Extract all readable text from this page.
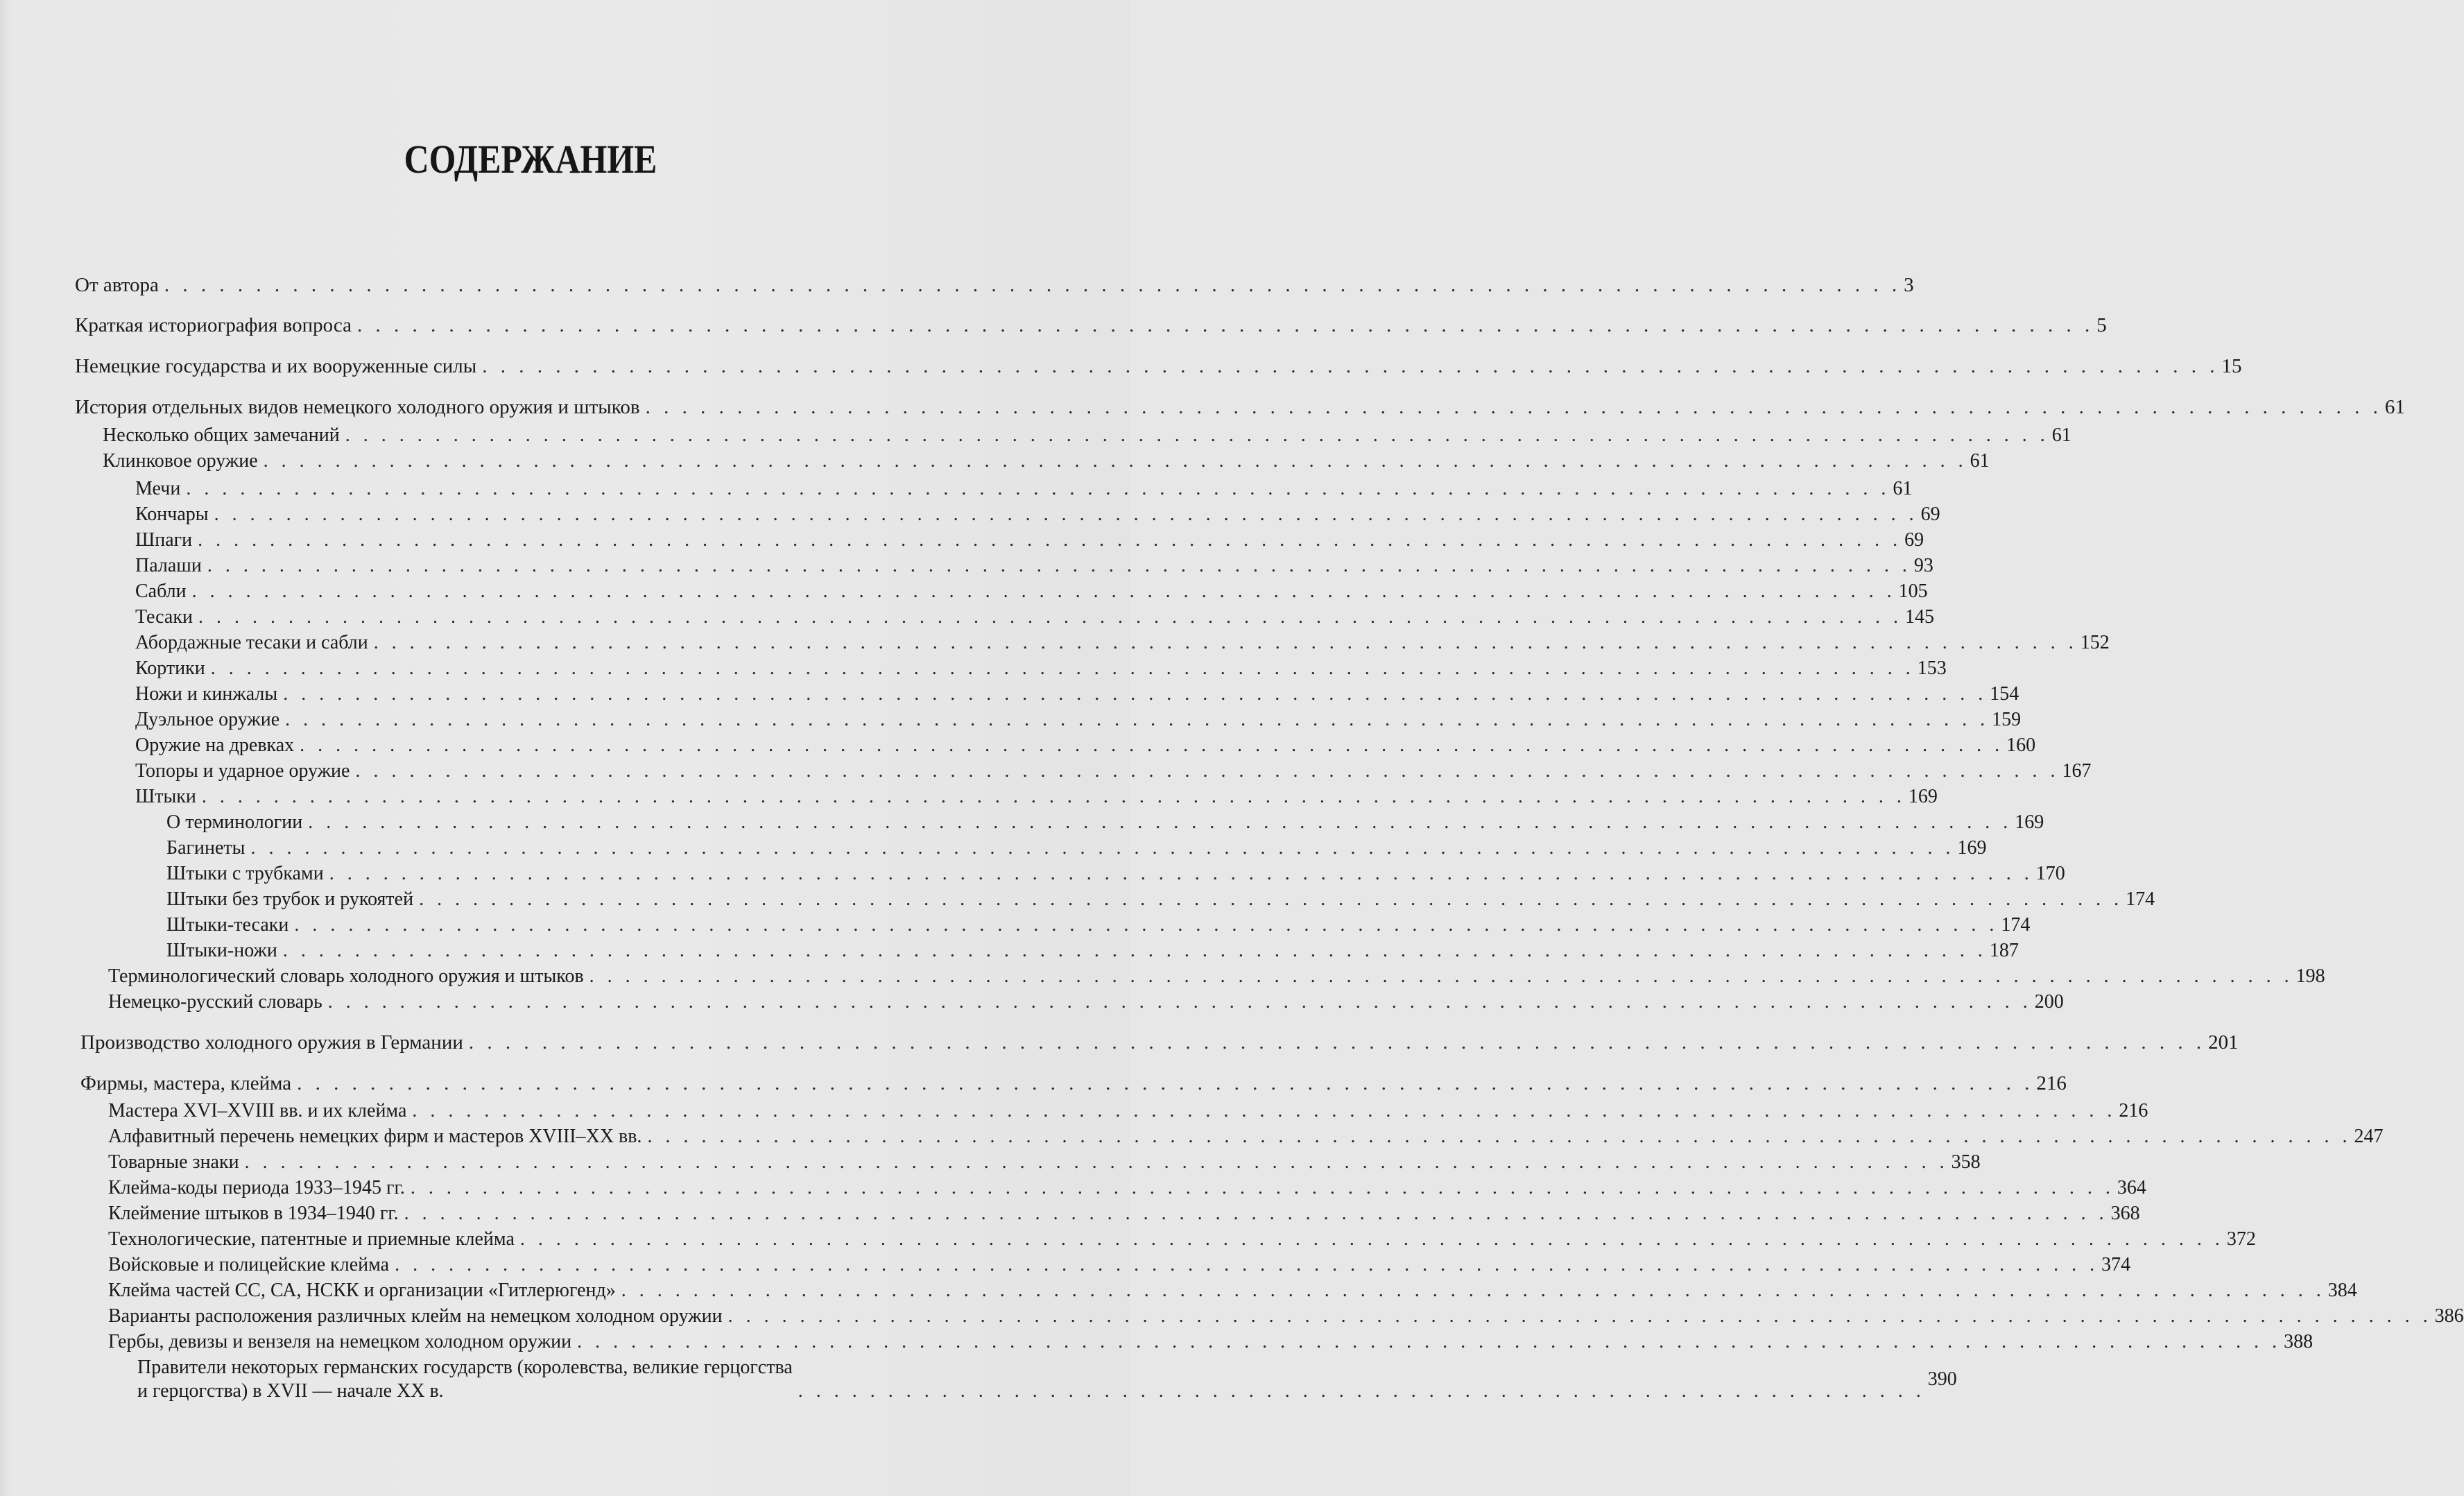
СОДЕРЖАНИЕ
От автора . . . . . . . . . . . . . . . . . . . . . . . . . . . . . . . . . . . . . . . . . . . . . . . . . . . . . . . . . . . . . . . . . . . . . . . . . . . . . . . . . . . . . . . . . . . . . . . 3
Краткая историография вопроса . . . . . . . . . . . . . . . . . . . . . . . . . . . . . . . . . . . . . . . . . . . . . . . . . . . . . . . . . . . . . . . . . . . . . . . . . . . . . . . . . . . . . . . . . . . . . . . 5
Немецкие государства и их вооруженные силы . . . . . . . . . . . . . . . . . . . . . . . . . . . . . . . . . . . . . . . . . . . . . . . . . . . . . . . . . . . . . . . . . . . . . . . . . . . . . . . . . . . . . . . . . . . . . . . 15
История отдельных видов немецкого холодного оружия и штыков . . . . . . . . . . . . . . . . . . . . . . . . . . . . . . . . . . . . . . . . . . . . . . . . . . . . . . . . . . . . . . . . . . . . . . . . . . . . . . . . . . . . . . . . . . . . . . . 61
Несколько общих замечаний . . . . . . . . . . . . . . . . . . . . . . . . . . . . . . . . . . . . . . . . . . . . . . . . . . . . . . . . . . . . . . . . . . . . . . . . . . . . . . . . . . . . . . . . . . . . . . . 61
Клинковое оружие . . . . . . . . . . . . . . . . . . . . . . . . . . . . . . . . . . . . . . . . . . . . . . . . . . . . . . . . . . . . . . . . . . . . . . . . . . . . . . . . . . . . . . . . . . . . . . . 61
Мечи . . . . . . . . . . . . . . . . . . . . . . . . . . . . . . . . . . . . . . . . . . . . . . . . . . . . . . . . . . . . . . . . . . . . . . . . . . . . . . . . . . . . . . . . . . . . . . . 61
Кончары . . . . . . . . . . . . . . . . . . . . . . . . . . . . . . . . . . . . . . . . . . . . . . . . . . . . . . . . . . . . . . . . . . . . . . . . . . . . . . . . . . . . . . . . . . . . . . . 69
Шпаги . . . . . . . . . . . . . . . . . . . . . . . . . . . . . . . . . . . . . . . . . . . . . . . . . . . . . . . . . . . . . . . . . . . . . . . . . . . . . . . . . . . . . . . . . . . . . . . 69
Палаши . . . . . . . . . . . . . . . . . . . . . . . . . . . . . . . . . . . . . . . . . . . . . . . . . . . . . . . . . . . . . . . . . . . . . . . . . . . . . . . . . . . . . . . . . . . . . . . 93
Сабли . . . . . . . . . . . . . . . . . . . . . . . . . . . . . . . . . . . . . . . . . . . . . . . . . . . . . . . . . . . . . . . . . . . . . . . . . . . . . . . . . . . . . . . . . . . . . . . 105
Тесаки . . . . . . . . . . . . . . . . . . . . . . . . . . . . . . . . . . . . . . . . . . . . . . . . . . . . . . . . . . . . . . . . . . . . . . . . . . . . . . . . . . . . . . . . . . . . . . . 145
Абордажные тесаки и сабли . . . . . . . . . . . . . . . . . . . . . . . . . . . . . . . . . . . . . . . . . . . . . . . . . . . . . . . . . . . . . . . . . . . . . . . . . . . . . . . . . . . . . . . . . . . . . . . 152
Кортики . . . . . . . . . . . . . . . . . . . . . . . . . . . . . . . . . . . . . . . . . . . . . . . . . . . . . . . . . . . . . . . . . . . . . . . . . . . . . . . . . . . . . . . . . . . . . . . 153
Ножи и кинжалы . . . . . . . . . . . . . . . . . . . . . . . . . . . . . . . . . . . . . . . . . . . . . . . . . . . . . . . . . . . . . . . . . . . . . . . . . . . . . . . . . . . . . . . . . . . . . . . 154
Дуэльное оружие . . . . . . . . . . . . . . . . . . . . . . . . . . . . . . . . . . . . . . . . . . . . . . . . . . . . . . . . . . . . . . . . . . . . . . . . . . . . . . . . . . . . . . . . . . . . . . . 159
Оружие на древках . . . . . . . . . . . . . . . . . . . . . . . . . . . . . . . . . . . . . . . . . . . . . . . . . . . . . . . . . . . . . . . . . . . . . . . . . . . . . . . . . . . . . . . . . . . . . . . 160
Топоры и ударное оружие . . . . . . . . . . . . . . . . . . . . . . . . . . . . . . . . . . . . . . . . . . . . . . . . . . . . . . . . . . . . . . . . . . . . . . . . . . . . . . . . . . . . . . . . . . . . . . . 167
Штыки . . . . . . . . . . . . . . . . . . . . . . . . . . . . . . . . . . . . . . . . . . . . . . . . . . . . . . . . . . . . . . . . . . . . . . . . . . . . . . . . . . . . . . . . . . . . . . . 169
О терминологии . . . . . . . . . . . . . . . . . . . . . . . . . . . . . . . . . . . . . . . . . . . . . . . . . . . . . . . . . . . . . . . . . . . . . . . . . . . . . . . . . . . . . . . . . . . . . . . 169
Багинеты . . . . . . . . . . . . . . . . . . . . . . . . . . . . . . . . . . . . . . . . . . . . . . . . . . . . . . . . . . . . . . . . . . . . . . . . . . . . . . . . . . . . . . . . . . . . . . . 169
Штыки с трубками . . . . . . . . . . . . . . . . . . . . . . . . . . . . . . . . . . . . . . . . . . . . . . . . . . . . . . . . . . . . . . . . . . . . . . . . . . . . . . . . . . . . . . . . . . . . . . . 170
Штыки без трубок и рукоятей . . . . . . . . . . . . . . . . . . . . . . . . . . . . . . . . . . . . . . . . . . . . . . . . . . . . . . . . . . . . . . . . . . . . . . . . . . . . . . . . . . . . . . . . . . . . . . . 174
Штыки-тесаки . . . . . . . . . . . . . . . . . . . . . . . . . . . . . . . . . . . . . . . . . . . . . . . . . . . . . . . . . . . . . . . . . . . . . . . . . . . . . . . . . . . . . . . . . . . . . . . 174
Штыки-ножи . . . . . . . . . . . . . . . . . . . . . . . . . . . . . . . . . . . . . . . . . . . . . . . . . . . . . . . . . . . . . . . . . . . . . . . . . . . . . . . . . . . . . . . . . . . . . . . 187
Терминологический словарь холодного оружия и штыков . . . . . . . . . . . . . . . . . . . . . . . . . . . . . . . . . . . . . . . . . . . . . . . . . . . . . . . . . . . . . . . . . . . . . . . . . . . . . . . . . . . . . . . . . . . . . . . 198
Немецко-русский словарь . . . . . . . . . . . . . . . . . . . . . . . . . . . . . . . . . . . . . . . . . . . . . . . . . . . . . . . . . . . . . . . . . . . . . . . . . . . . . . . . . . . . . . . . . . . . . . . 200
Производство холодного оружия в Германии . . . . . . . . . . . . . . . . . . . . . . . . . . . . . . . . . . . . . . . . . . . . . . . . . . . . . . . . . . . . . . . . . . . . . . . . . . . . . . . . . . . . . . . . . . . . . . . 201
Фирмы, мастера, клейма . . . . . . . . . . . . . . . . . . . . . . . . . . . . . . . . . . . . . . . . . . . . . . . . . . . . . . . . . . . . . . . . . . . . . . . . . . . . . . . . . . . . . . . . . . . . . . . 216
Мастера XVI–XVIII вв. и их клейма . . . . . . . . . . . . . . . . . . . . . . . . . . . . . . . . . . . . . . . . . . . . . . . . . . . . . . . . . . . . . . . . . . . . . . . . . . . . . . . . . . . . . . . . . . . . . . . 216
Алфавитный перечень немецких фирм и мастеров XVIII–XX вв. . . . . . . . . . . . . . . . . . . . . . . . . . . . . . . . . . . . . . . . . . . . . . . . . . . . . . . . . . . . . . . . . . . . . . . . . . . . . . . . . . . . . . . . . . . . . . . . 247
Товарные знаки . . . . . . . . . . . . . . . . . . . . . . . . . . . . . . . . . . . . . . . . . . . . . . . . . . . . . . . . . . . . . . . . . . . . . . . . . . . . . . . . . . . . . . . . . . . . . . . 358
Клейма-коды периода 1933–1945 гг. . . . . . . . . . . . . . . . . . . . . . . . . . . . . . . . . . . . . . . . . . . . . . . . . . . . . . . . . . . . . . . . . . . . . . . . . . . . . . . . . . . . . . . . . . . . . . . . 364
Клеймение штыков в 1934–1940 гг. . . . . . . . . . . . . . . . . . . . . . . . . . . . . . . . . . . . . . . . . . . . . . . . . . . . . . . . . . . . . . . . . . . . . . . . . . . . . . . . . . . . . . . . . . . . . . . . 368
Технологические, патентные и приемные клейма . . . . . . . . . . . . . . . . . . . . . . . . . . . . . . . . . . . . . . . . . . . . . . . . . . . . . . . . . . . . . . . . . . . . . . . . . . . . . . . . . . . . . . . . . . . . . . . 372
Войсковые и полицейские клейма . . . . . . . . . . . . . . . . . . . . . . . . . . . . . . . . . . . . . . . . . . . . . . . . . . . . . . . . . . . . . . . . . . . . . . . . . . . . . . . . . . . . . . . . . . . . . . . 374
Клейма частей СС, СА, НСКК и организации «Гитлерюгенд» . . . . . . . . . . . . . . . . . . . . . . . . . . . . . . . . . . . . . . . . . . . . . . . . . . . . . . . . . . . . . . . . . . . . . . . . . . . . . . . . . . . . . . . . . . . . . . . 384
Варианты расположения различных клейм на немецком холодном оружии . . . . . . . . . . . . . . . . . . . . . . . . . . . . . . . . . . . . . . . . . . . . . . . . . . . . . . . . . . . . . . . . . . . . . . . . . . . . . . . . . . . . . . . . . . . . . . . 386
Гербы, девизы и вензеля на немецком холодном оружии . . . . . . . . . . . . . . . . . . . . . . . . . . . . . . . . . . . . . . . . . . . . . . . . . . . . . . . . . . . . . . . . . . . . . . . . . . . . . . . . . . . . . . . . . . . . . . . 388
Правители некоторых германских государств (королевства, великие герцогства
и герцогства) в XVII — начале XX в.	. . . . . . . . . . . . . . . . . . . . . . . . . . . . . . . . . . . . . . . . . . . . . . . . . . . . . . . . . . . . . . .
390
